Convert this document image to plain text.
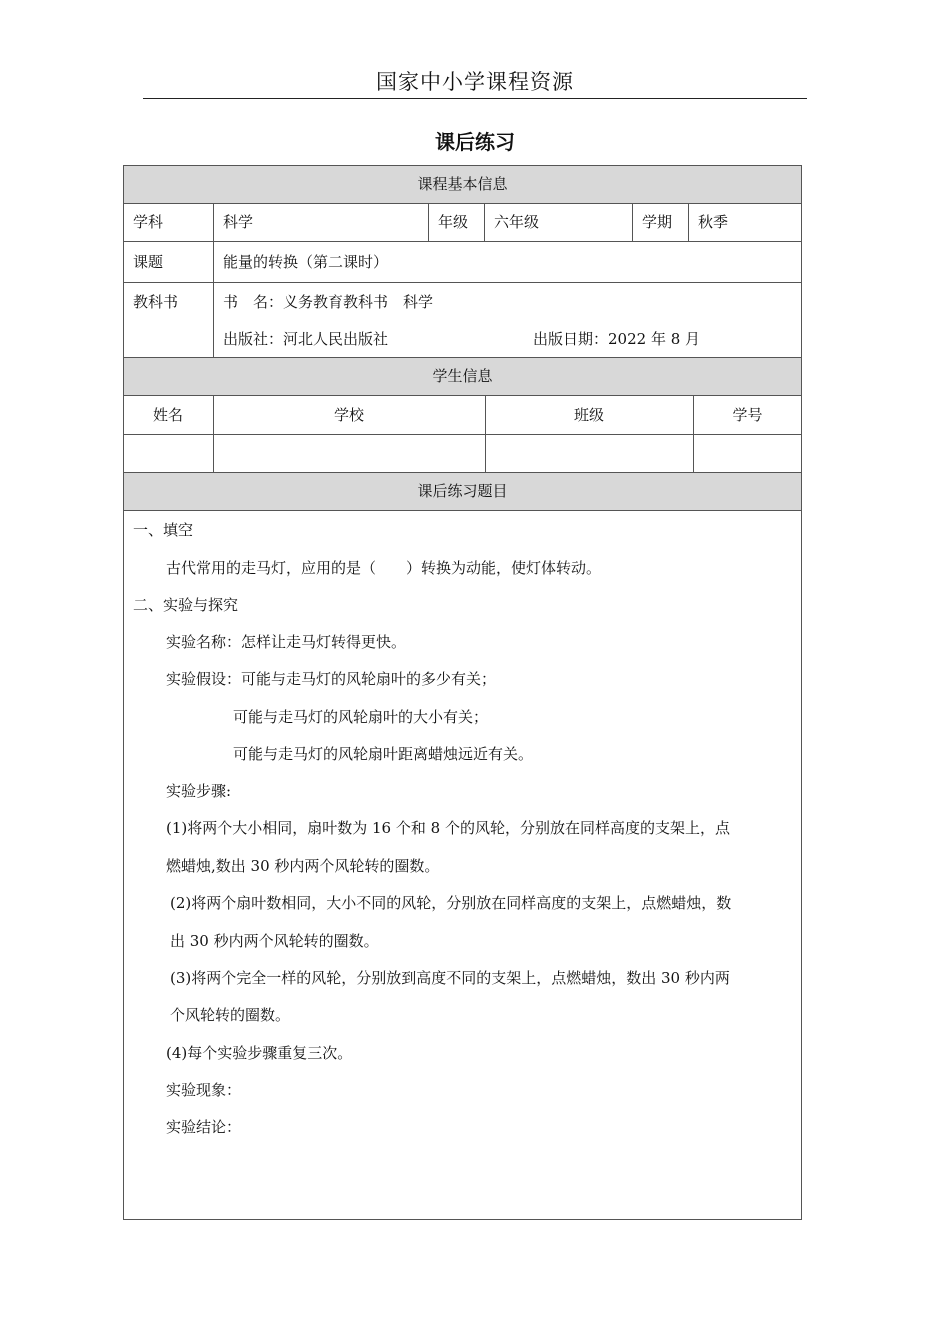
国家中小学课程资源
课后练习
课程基本信息
学生信息
课后练习题目
学科	科学	年级 六年级	学期 秋季
课题	能量的转换（第二课时）
教科书	书　名：义务教育教科书　科学
出版社：河北人民出版社	出版日期：2022 年 8 月
姓名	学校	班级	学号
一、填空
古代常用的走马灯，应用的是（　　）转换为动能，使灯体转动。
二、实验与探究
实验名称：怎样让走马灯转得更快。
实验假设：可能与走马灯的风轮扇叶的多少有关；
可能与走马灯的风轮扇叶的大小有关；
可能与走马灯的风轮扇叶距离蜡烛远近有关。
实验步骤:
(1)将两个大小相同，扇叶数为 16 个和 8 个的风轮，分别放在同样高度的支架上，点
燃蜡烛,数出 30 秒内两个风轮转的圈数。
(2)将两个扇叶数相同，大小不同的风轮，分别放在同样高度的支架上，点燃蜡烛，数
出 30 秒内两个风轮转的圈数。
(3)将两个完全一样的风轮，分别放到高度不同的支架上，点燃蜡烛，数出 30 秒内两
个风轮转的圈数。
(4)每个实验步骤重复三次。
实验现象：
实验结论：
